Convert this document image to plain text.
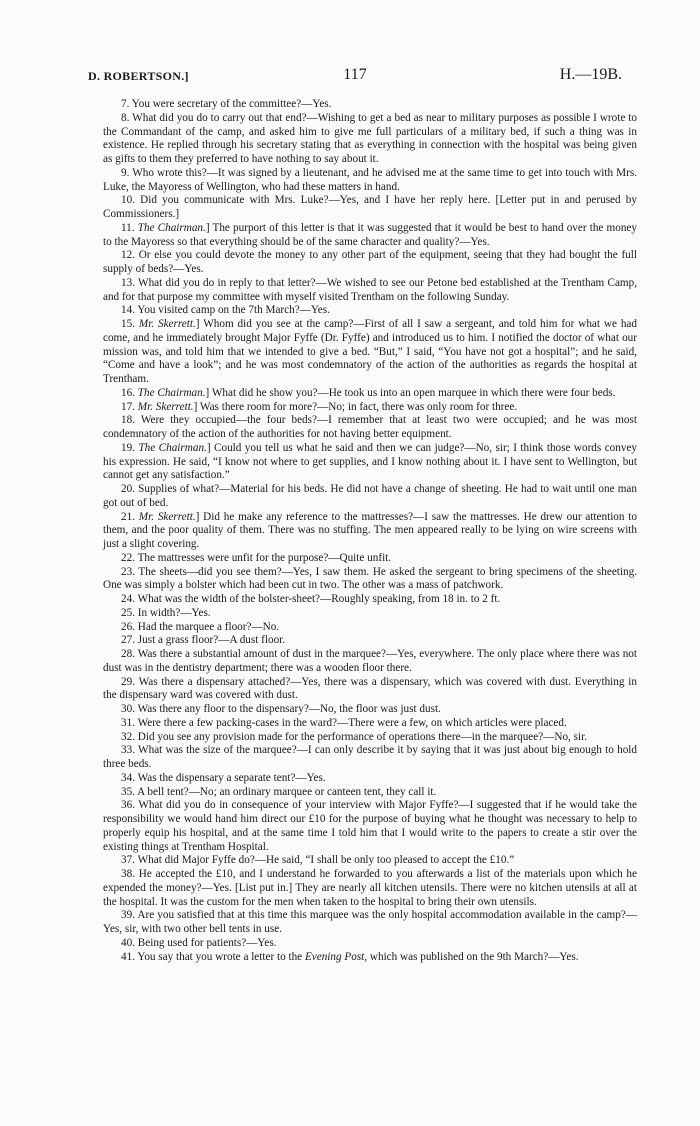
D. ROBERTSON.]	117	H.—19B.

7. You were secretary of the committee?—Yes.

8. What did you do to carry out that end?—Wishing to get a bed as near to military purposes as possible I wrote to the Commandant of the camp, and asked him to give me full particulars of a military bed, if such a thing was in existence. He replied through his secretary stating that as everything in connection with the hospital was being given as gifts to them they preferred to have nothing to say about it.

9. Who wrote this?—It was signed by a lieutenant, and he advised me at the same time to get into touch with Mrs. Luke, the Mayoress of Wellington, who had these matters in hand.

10. Did you communicate with Mrs. Luke?—Yes, and I have her reply here. [Letter put in and perused by Commissioners.]

11. The Chairman.] The purport of this letter is that it was suggested that it would be best to hand over the money to the Mayoress so that everything should be of the same character and quality?—Yes.

12. Or else you could devote the money to any other part of the equipment, seeing that they had bought the full supply of beds?—Yes.

13. What did you do in reply to that letter?—We wished to see our Petone bed established at the Trentham Camp, and for that purpose my committee with myself visited Trentham on the following Sunday.

14. You visited camp on the 7th March?—Yes.

15. Mr. Skerrett.] Whom did you see at the camp?—First of all I saw a sergeant, and told him for what we had come, and he immediately brought Major Fyffe (Dr. Fyffe) and introduced us to him. I notified the doctor of what our mission was, and told him that we intended to give a bed. “But,” I said, “You have not got a hospital”; and he said, “Come and have a look”; and he was most condemnatory of the action of the authorities as regards the hospital at Trentham.

16. The Chairman.] What did he show you?—He took us into an open marquee in which there were four beds.

17. Mr. Skerrett.] Was there room for more?—No; in fact, there was only room for three.

18. Were they occupied—the four beds?—I remember that at least two were occupied; and he was most condemnatory of the action of the authorities for not having better equipment.

19. The Chairman.] Could you tell us what he said and then we can judge?—No, sir; I think those words convey his expression. He said, “I know not where to get supplies, and I know nothing about it. I have sent to Wellington, but cannot get any satisfaction.”

20. Supplies of what?—Material for his beds. He did not have a change of sheeting. He had to wait until one man got out of bed.

21. Mr. Skerrett.] Did he make any reference to the mattresses?—I saw the mattresses. He drew our attention to them, and the poor quality of them. There was no stuffing. The men appeared really to be lying on wire screens with just a slight covering.

22. The mattresses were unfit for the purpose?—Quite unfit.

23. The sheets—did you see them?—Yes, I saw them. He asked the sergeant to bring specimens of the sheeting. One was simply a bolster which had been cut in two. The other was a mass of patchwork.

24. What was the width of the bolster-sheet?—Roughly speaking, from 18 in. to 2 ft.

25. In width?—Yes.

26. Had the marquee a floor?—No.

27. Just a grass floor?—A dust floor.

28. Was there a substantial amount of dust in the marquee?—Yes, everywhere. The only place where there was not dust was in the dentistry department; there was a wooden floor there.

29. Was there a dispensary attached?—Yes, there was a dispensary, which was covered with dust. Everything in the dispensary ward was covered with dust.

30. Was there any floor to the dispensary?—No, the floor was just dust.

31. Were there a few packing-cases in the ward?—There were a few, on which articles were placed.

32. Did you see any provision made for the performance of operations there—in the marquee?—No, sir.

33. What was the size of the marquee?—I can only describe it by saying that it was just about big enough to hold three beds.

34. Was the dispensary a separate tent?—Yes.

35. A bell tent?—No; an ordinary marquee or canteen tent, they call it.

36. What did you do in consequence of your interview with Major Fyffe?—I suggested that if he would take the responsibility we would hand him direct our £10 for the purpose of buying what he thought was necessary to help to properly equip his hospital, and at the same time I told him that I would write to the papers to create a stir over the existing things at Trentham Hospital.

37. What did Major Fyffe do?—He said, “I shall be only too pleased to accept the £10.”

38. He accepted the £10, and I understand he forwarded to you afterwards a list of the materials upon which he expended the money?—Yes. [List put in.] They are nearly all kitchen utensils. There were no kitchen utensils at all at the hospital. It was the custom for the men when taken to the hospital to bring their own utensils.

39. Are you satisfied that at this time this marquee was the only hospital accommodation available in the camp?—Yes, sir, with two other bell tents in use.

40. Being used for patients?—Yes.

41. You say that you wrote a letter to the Evening Post, which was published on the 9th March?—Yes.
